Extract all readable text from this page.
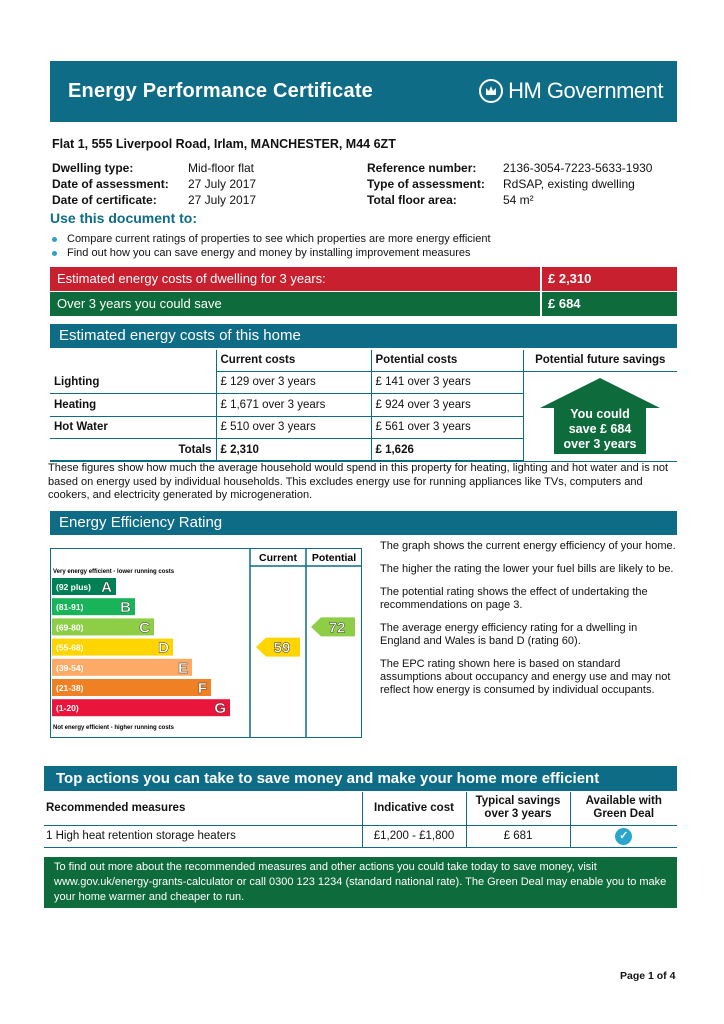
Energy Performance Certificate	HM Government
Flat 1, 555 Liverpool Road, Irlam, MANCHESTER, M44 6ZT
Dwelling type:	Mid-floor flat
Date of assessment: 27 July 2017
Date of certificate:	27 July 2017
Reference number: 2136-3054-7223-5633-1930
Type of assessment: RdSAP, existing dwelling
Total floor area:	54 m²
Use this document to:
Compare current ratings of properties to see which properties are more energy efficient
Find out how you can save energy and money by installing improvement measures
Estimated energy costs of dwelling for 3 years:	£ 2,310
Over 3 years you could save	£ 684
Estimated energy costs of this home
	Current costs	Potential costs	Potential future savings
Lighting	£ 129 over 3 years	£ 141 over 3 years	You could
save £ 684
over 3 years

Heating	£ 1,671 over 3 years	£ 924 over 3 years	
Hot Water	£ 510 over 3 years	£ 561 over 3 years	
Totals	£ 2,310	£ 1,626	
These figures show how much the average household would spend in this property for heating, lighting and hot water and is not based on energy used by individual households. This excludes energy use for running appliances like TVs, computers and cookers, and electricity generated by microgeneration.
Energy Efficiency Rating
Current Potential
Very energy efficient - lower running costs
Not energy efficient - higher running costs
(92 plus) A
(81-91) B
(69-80)	C
(55-68)	D
(39-54)	E
(21-38)	F
(1-20)	G
59
72

The graph shows the current energy efficiency of your home.

The higher the rating the lower your fuel bills are likely to be.

The potential rating shows the effect of undertaking the recommendations on page 3.

The average energy efficiency rating for a dwelling in England and Wales is band D (rating 60).

The EPC rating shown here is based on standard assumptions about occupancy and energy use and may not reflect how energy is consumed by individual occupants.

Top actions you can take to save money and make your home more efficient
Recommended measures	Indicative cost	Typical savings
over 3 years	Available with
Green Deal
1 High heat retention storage heaters	£1,200 - £1,800	£ 681	✓
To find out more about the recommended measures and other actions you could take today to save money, visit www.gov.uk/energy-grants-calculator or call 0300 123 1234 (standard national rate). The Green Deal may enable you to make your home warmer and cheaper to run.
Page 1 of 4
